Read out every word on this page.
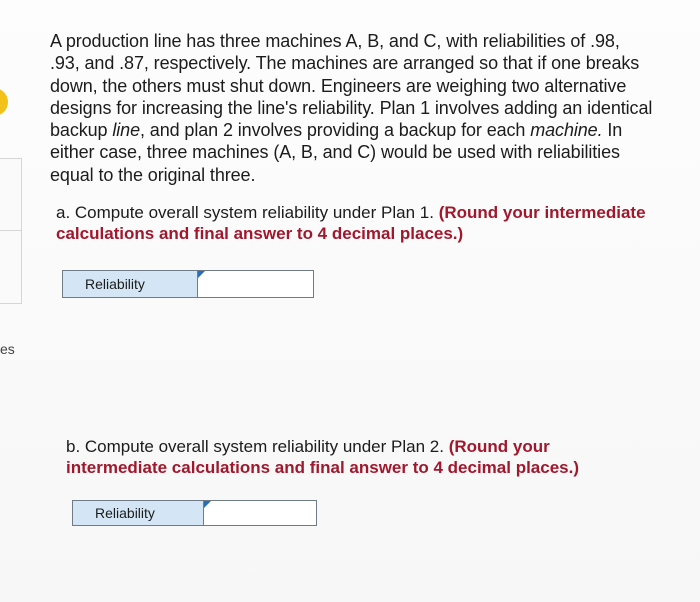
es
A production line has three machines A, B, and C, with reliabilities of .98,
.93, and .87, respectively. The machines are arranged so that if one breaks
down, the others must shut down. Engineers are weighing two alternative
designs for increasing the line's reliability. Plan 1 involves adding an identical
backup line, and plan 2 involves providing a backup for each machine. In
either case, three machines (A, B, and C) would be used with reliabilities
equal to the original three.
a. Compute overall system reliability under Plan 1. (Round your intermediate
calculations and final answer to 4 decimal places.)
Reliability
b. Compute overall system reliability under Plan 2. (Round your
intermediate calculations and final answer to 4 decimal places.)
Reliability
